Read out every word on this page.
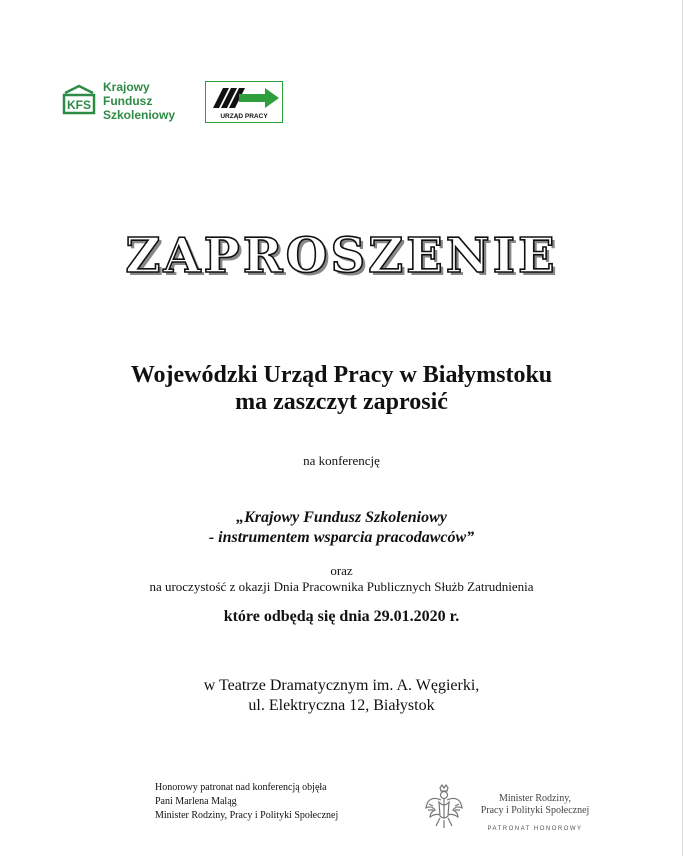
KFS
Krajowy
Fundusz
Szkoleniowy	URZĄD PRACY
ZAPROSZENIE
Wojewódzki Urząd Pracy w Białymstoku
ma zaszczyt zaprosić
na konferencję
„Krajowy Fundusz Szkoleniowy
- instrumentem wsparcia pracodawców”
oraz
na uroczystość z okazji Dnia Pracownika Publicznych Służb Zatrudnienia
które odbędą się dnia 29.01.2020 r.
w Teatrze Dramatycznym im. A. Węgierki,
ul. Elektryczna 12, Białystok
Honorowy patronat nad konferencją objęła
Pani Marlena Maląg
Minister Rodziny, Pracy i Polityki Społecznej
Minister Rodziny,
Pracy i Polityki Społecznej
PATRONAT HONOROWY
